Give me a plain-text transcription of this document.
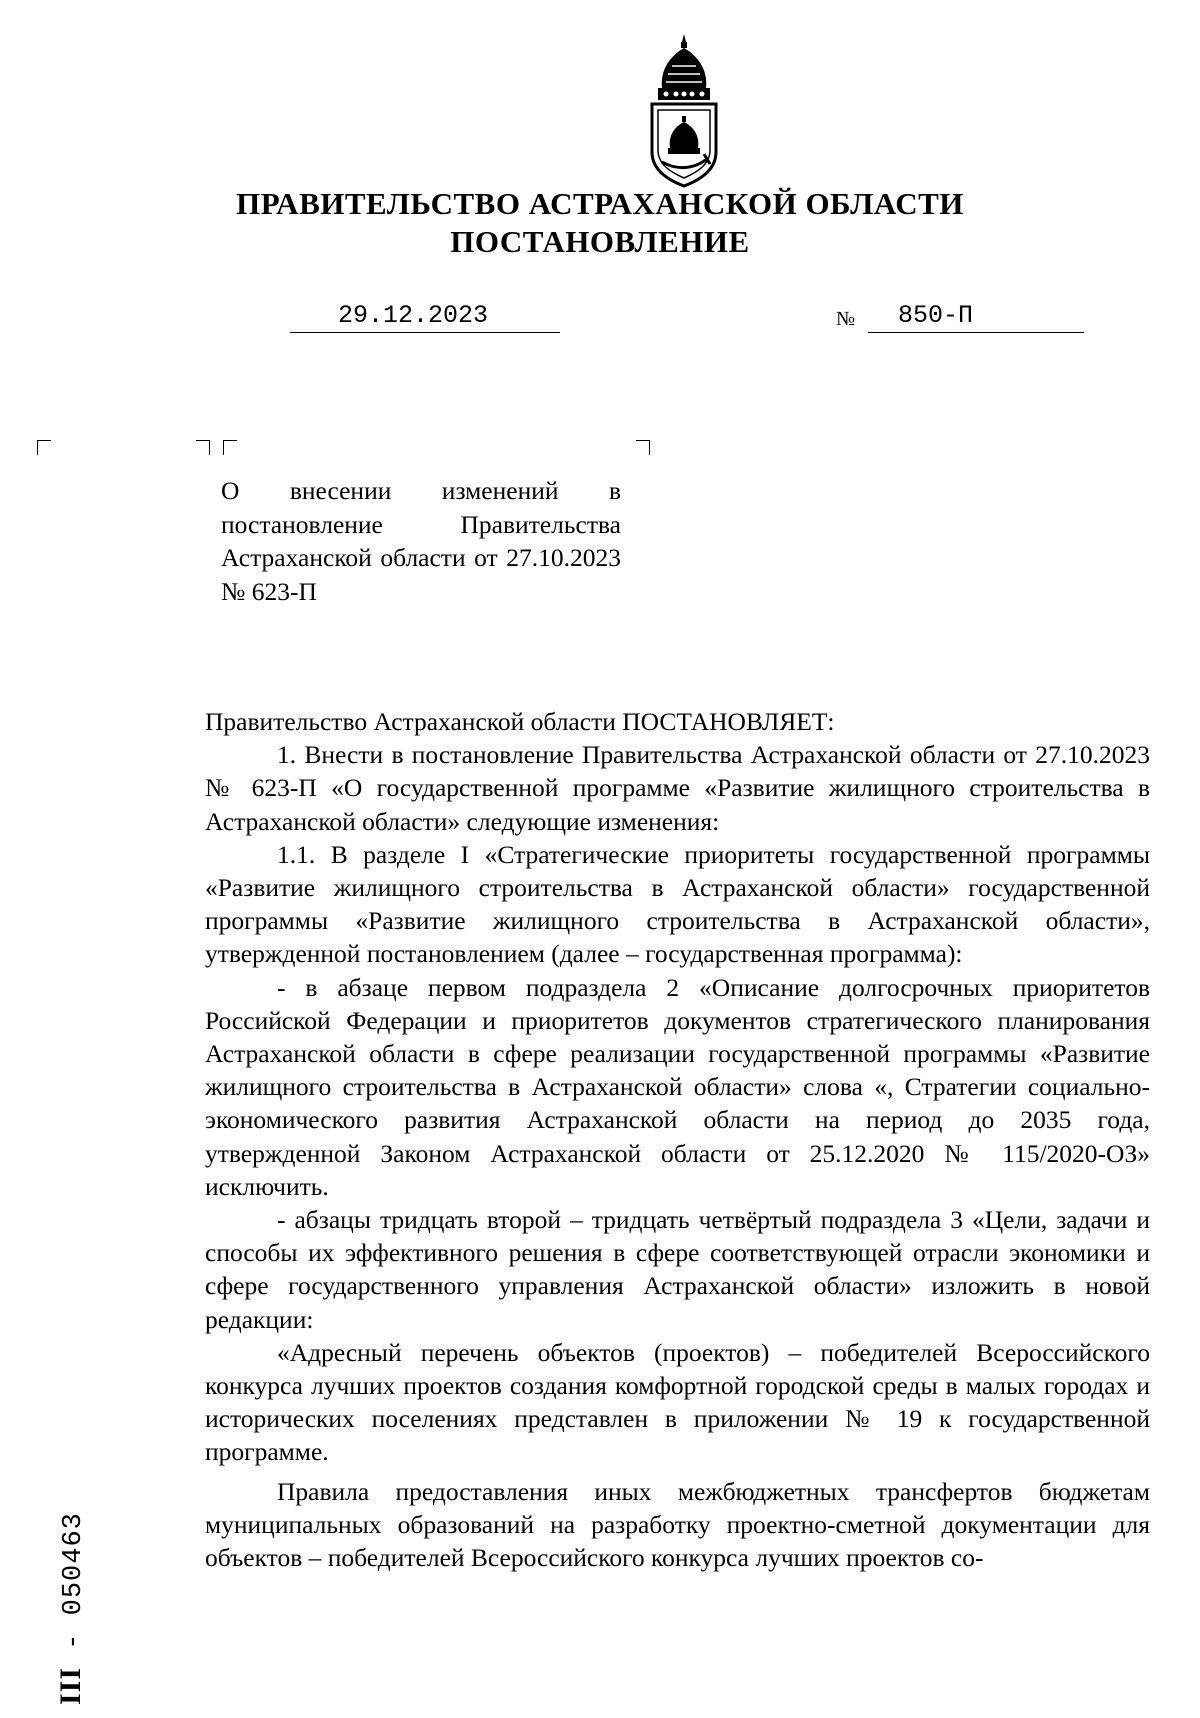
ПРАВИТЕЛЬСТВО АСТРАХАНСКОЙ ОБЛАСТИ
ПОСТАНОВЛЕНИЕ
29.12.2023	№	850-П
О внесении изменений в постановление Правительства Астраханской области от 27.10.2023 № 623-П

Правительство Астраханской области ПОСТАНОВЛЯЕТ:

1. Внести в постановление Правительства Астраханской области от 27.10.2023 № 623-П «О государственной программе «Развитие жилищного строительства в Астраханской области» следующие изменения:

1.1. В разделе I «Стратегические приоритеты государственной программы «Развитие жилищного строительства в Астраханской области» государственной программы «Развитие жилищного строительства в Астраханской области», утвержденной постановлением (далее – государственная программа):

- в абзаце первом подраздела 2 «Описание долгосрочных приоритетов Российской Федерации и приоритетов документов стратегического планирования Астраханской области в сфере реализации государственной программы «Развитие жилищного строительства в Астраханской области» слова «, Стратегии социально-экономического развития Астраханской области на период до 2035 года, утвержденной Законом Астраханской области от 25.12.2020 № 115/2020-ОЗ» исключить.

- абзацы тридцать второй – тридцать четвёртый подраздела 3 «Цели, задачи и способы их эффективного решения в сфере соответствующей отрасли экономики и сфере государственного управления Астраханской области» изложить в новой редакции:

«Адресный перечень объектов (проектов) – победителей Всероссийского конкурса лучших проектов создания комфортной городской среды в малых городах и исторических поселениях представлен в приложении № 19 к государственной программе.

Правила предоставления иных межбюджетных трансфертов бюджетам муниципальных образований на разработку проектно-сметной документации для объектов – победителей Всероссийского конкурса лучших проектов со-

III - 050463
